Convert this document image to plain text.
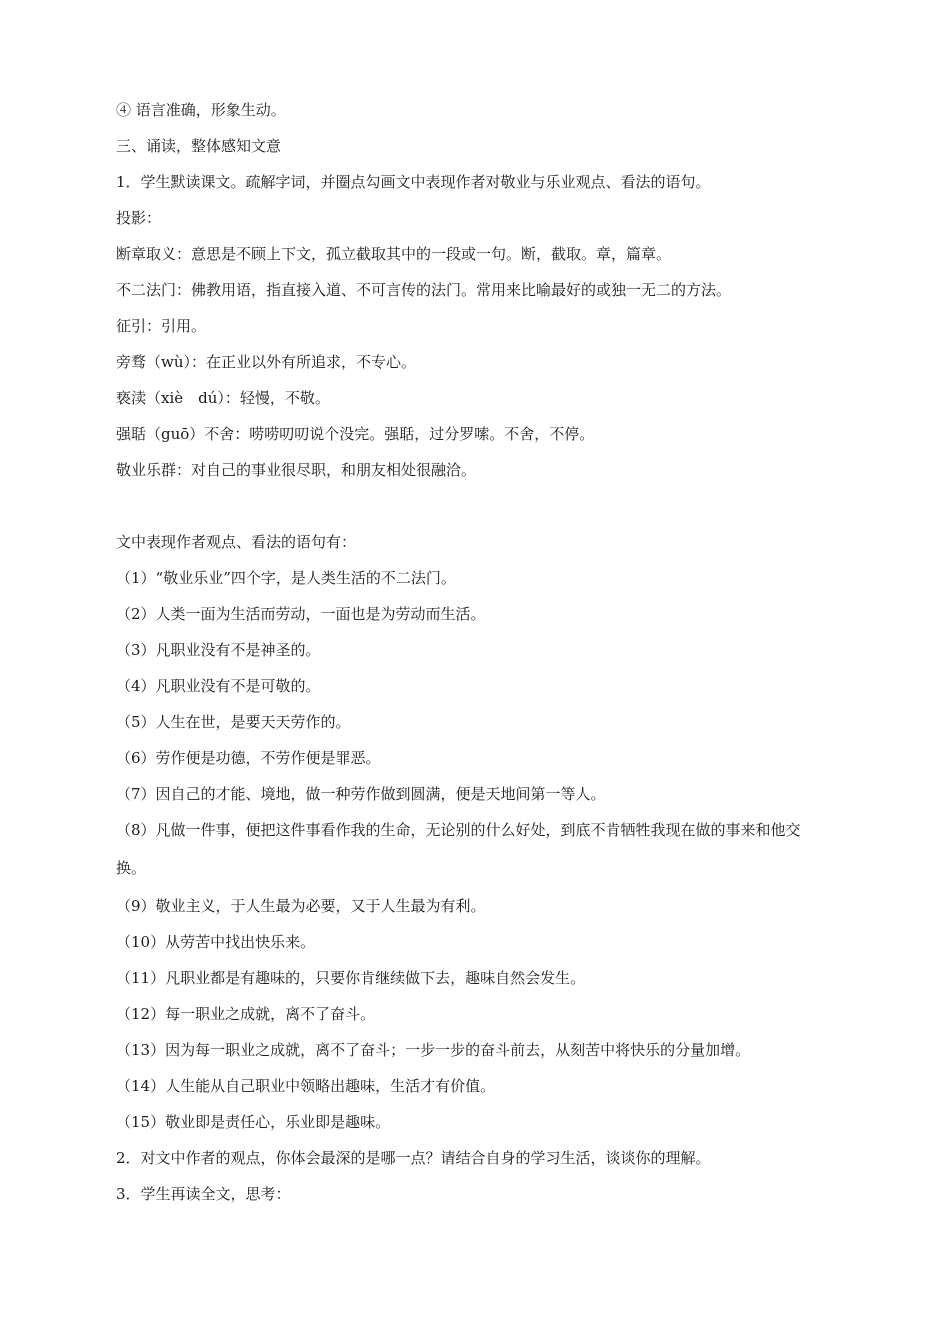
④ 语言准确，形象生动。
三、诵读，整体感知文意
1．学生默读课文。疏解字词，并圈点勾画文中表现作者对敬业与乐业观点、看法的语句。
投影：
断章取义：意思是不顾上下文，孤立截取其中的一段或一句。断，截取。章，篇章。
不二法门：佛教用语，指直接入道、不可言传的法门。常用来比喻最好的或独一无二的方法。
征引：引用。
旁骛（wù）：在正业以外有所追求，不专心。
亵渎（xiè　dú）：轻慢，不敬。
强聒（guō）不舍：唠唠叨叨说个没完。强聒，过分罗嗦。不舍，不停。
敬业乐群：对自己的事业很尽职，和朋友相处很融洽。
文中表现作者观点、看法的语句有：
（1）“敬业乐业”四个字，是人类生活的不二法门。
（2）人类一面为生活而劳动，一面也是为劳动而生活。
（3）凡职业没有不是神圣的。
（4）凡职业没有不是可敬的。
（5）人生在世，是要天天劳作的。
（6）劳作便是功德，不劳作便是罪恶。
（7）因自己的才能、境地，做一种劳作做到圆满，便是天地间第一等人。
（8）凡做一件事，便把这件事看作我的生命，无论别的什么好处，到底不肯牺牲我现在做的事来和他交
换。
（9）敬业主义，于人生最为必要，又于人生最为有利。
（10）从劳苦中找出快乐来。
（11）凡职业都是有趣味的，只要你肯继续做下去，趣味自然会发生。
（12）每一职业之成就，离不了奋斗。
（13）因为每一职业之成就，离不了奋斗；一步一步的奋斗前去，从刻苦中将快乐的分量加增。
（14）人生能从自己职业中领略出趣味，生活才有价值。
（15）敬业即是责任心，乐业即是趣味。
2．对文中作者的观点，你体会最深的是哪一点？请结合自身的学习生活，谈谈你的理解。
3．学生再读全文，思考：
